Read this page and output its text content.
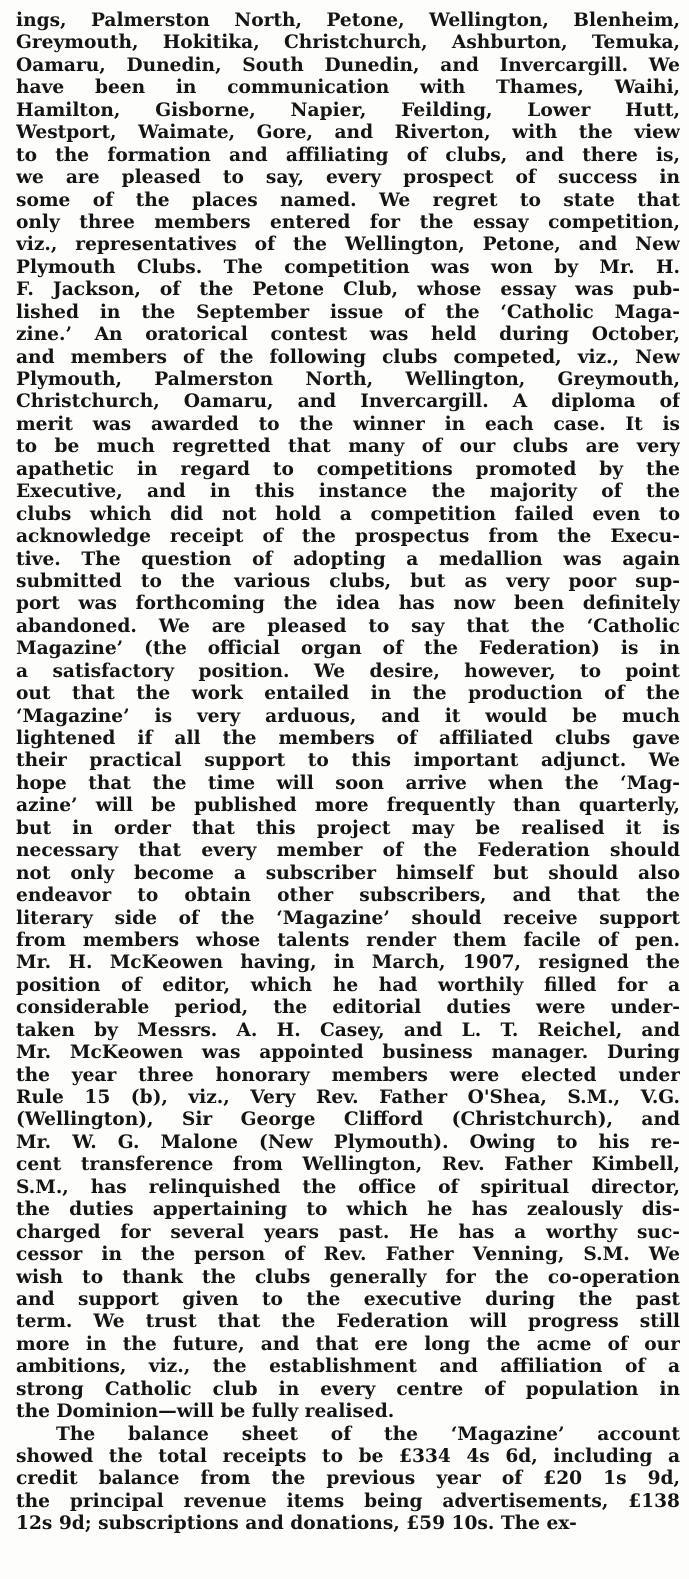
ings, Palmerston North, Petone, Wellington, Blenheim,
Greymouth, Hokitika, Christchurch, Ashburton, Temuka,
Oamaru, Dunedin, South Dunedin, and Invercargill. We
have been in communication with Thames, Waihi,
Hamilton, Gisborne, Napier, Feilding, Lower Hutt,
Westport, Waimate, Gore, and Riverton, with the view
to the formation and affiliating of clubs, and there is,
we are pleased to say, every prospect of success in
some of the places named. We regret to state that
only three members entered for the essay competition,
viz., representatives of the Wellington, Petone, and New
Plymouth Clubs. The competition was won by Mr. H.
F. Jackson, of the Petone Club, whose essay was pub-
lished in the September issue of the ‘Catholic Maga-
zine.’ An oratorical contest was held during October,
and members of the following clubs competed, viz., New
Plymouth, Palmerston North, Wellington, Greymouth,
Christchurch, Oamaru, and Invercargill. A diploma of
merit was awarded to the winner in each case. It is
to be much regretted that many of our clubs are very
apathetic in regard to competitions promoted by the
Executive, and in this instance the majority of the
clubs which did not hold a competition failed even to
acknowledge receipt of the prospectus from the Execu-
tive. The question of adopting a medallion was again
submitted to the various clubs, but as very poor sup-
port was forthcoming the idea has now been definitely
abandoned. We are pleased to say that the ‘Catholic
Magazine’ (the official organ of the Federation) is in
a satisfactory position. We desire, however, to point
out that the work entailed in the production of the
‘Magazine’ is very arduous, and it would be much
lightened if all the members of affiliated clubs gave
their practical support to this important adjunct. We
hope that the time will soon arrive when the ‘Mag-
azine’ will be published more frequently than quarterly,
but in order that this project may be realised it is
necessary that every member of the Federation should
not only become a subscriber himself but should also
endeavor to obtain other subscribers, and that the
literary side of the ‘Magazine’ should receive support
from members whose talents render them facile of pen.
Mr. H. McKeowen having, in March, 1907, resigned the
position of editor, which he had worthily filled for a
considerable period, the editorial duties were under-
taken by Messrs. A. H. Casey, and L. T. Reichel, and
Mr. McKeowen was appointed business manager. During
the year three honorary members were elected under
Rule 15 (b), viz., Very Rev. Father O'Shea, S.M., V.G.
(Wellington), Sir George Clifford (Christchurch), and
Mr. W. G. Malone (New Plymouth). Owing to his re-
cent transference from Wellington, Rev. Father Kimbell,
S.M., has relinquished the office of spiritual director,
the duties appertaining to which he has zealously dis-
charged for several years past. He has a worthy suc-
cessor in the person of Rev. Father Venning, S.M. We
wish to thank the clubs generally for the co-operation
and support given to the executive during the past
term. We trust that the Federation will progress still
more in the future, and that ere long the acme of our
ambitions, viz., the establishment and affiliation of a
strong Catholic club in every centre of population in
the Dominion—will be fully realised.
The balance sheet of the ‘Magazine’ account
showed the total receipts to be £334 4s 6d, including a
credit balance from the previous year of £20 1s 9d,
the principal revenue items being advertisements, £138
12s 9d; subscriptions and donations, £59 10s. The ex-
